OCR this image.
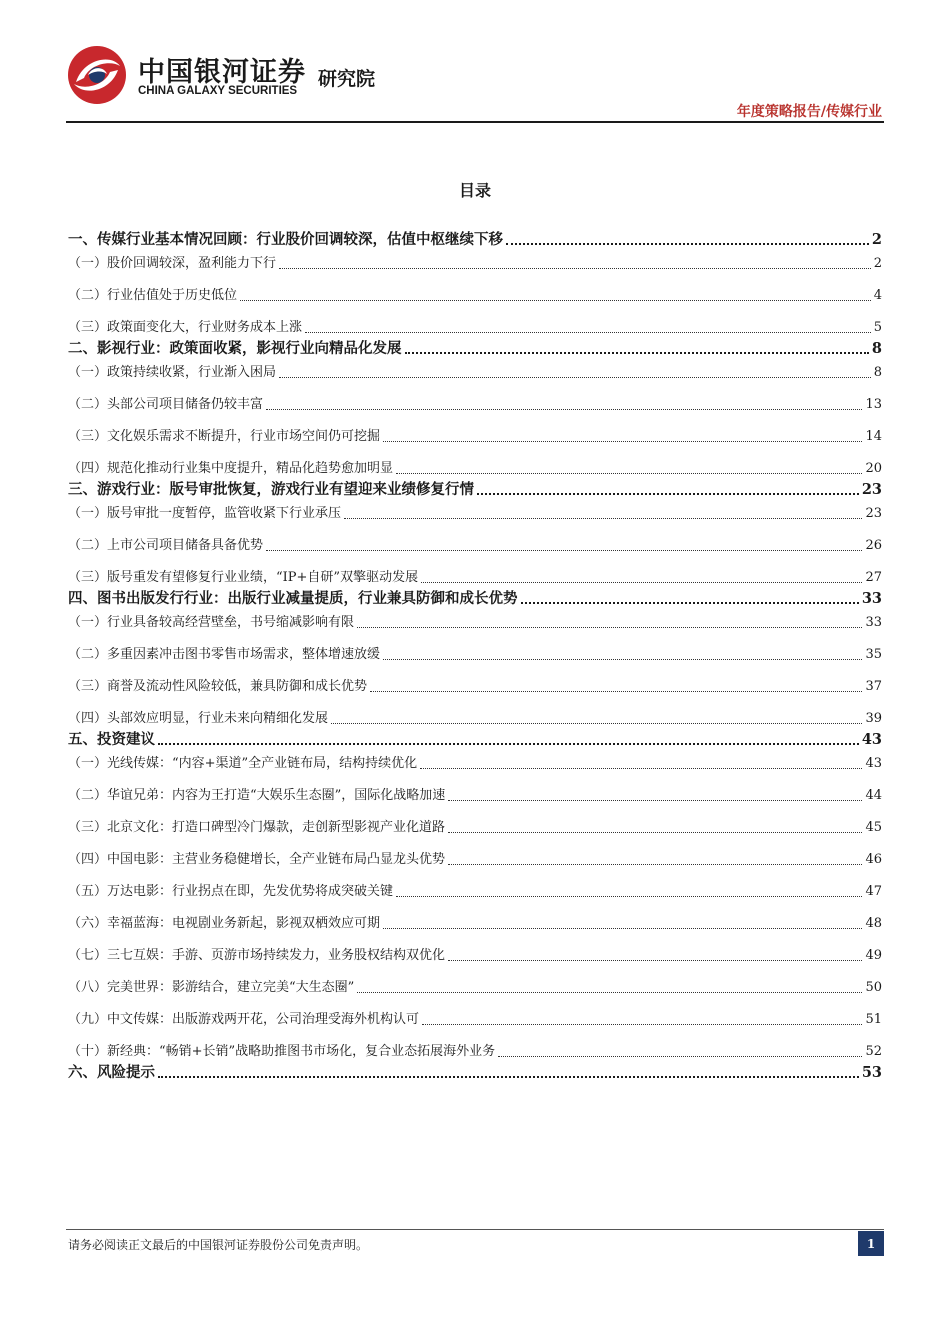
中国银河证券
CHINA GALAXY SECURITIES
研究院
年度策略报告/传媒行业
目录
一、传媒行业基本情况回顾：行业股价回调较深，估值中枢继续下移	2
（一）股价回调较深，盈利能力下行	2
（二）行业估值处于历史低位	4
（三）政策面变化大，行业财务成本上涨	5
二、影视行业：政策面收紧，影视行业向精品化发展	8
（一）政策持续收紧，行业渐入困局	8
（二）头部公司项目储备仍较丰富	13
（三）文化娱乐需求不断提升，行业市场空间仍可挖掘	14
（四）规范化推动行业集中度提升，精品化趋势愈加明显	20
三、游戏行业：版号审批恢复，游戏行业有望迎来业绩修复行情	23
（一）版号审批一度暂停，监管收紧下行业承压	23
（二）上市公司项目储备具备优势	26
（三）版号重发有望修复行业业绩，“IP+自研”双擎驱动发展	27
四、图书出版发行行业：出版行业减量提质，行业兼具防御和成长优势	33
（一）行业具备较高经营壁垒，书号缩减影响有限	33
（二）多重因素冲击图书零售市场需求，整体增速放缓	35
（三）商誉及流动性风险较低，兼具防御和成长优势	37
（四）头部效应明显，行业未来向精细化发展	39
五、投资建议	43
（一）光线传媒：“内容+渠道”全产业链布局，结构持续优化	43
（二）华谊兄弟：内容为王打造“大娱乐生态圈”，国际化战略加速	44
（三）北京文化：打造口碑型冷门爆款，走创新型影视产业化道路	45
（四）中国电影：主营业务稳健增长，全产业链布局凸显龙头优势	46
（五）万达电影：行业拐点在即，先发优势将成突破关键	47
（六）幸福蓝海：电视剧业务新起，影视双栖效应可期	48
（七）三七互娱：手游、页游市场持续发力，业务股权结构双优化	49
（八）完美世界：影游结合，建立完美“大生态圈”	50
（九）中文传媒：出版游戏两开花，公司治理受海外机构认可	51
（十）新经典：“畅销+长销”战略助推图书市场化，复合业态拓展海外业务	52
六、风险提示	53
请务必阅读正文最后的中国银河证券股份公司免责声明。	1
